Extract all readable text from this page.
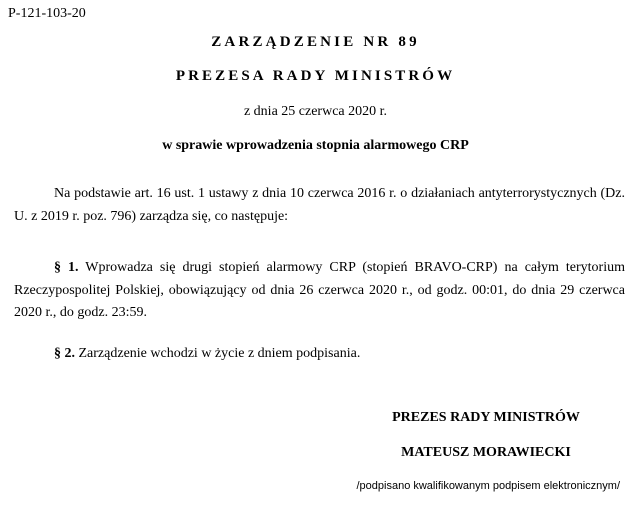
P-121-103-20
ZARZĄDZENIE NR 89
PREZESA RADY MINISTRÓW
z dnia 25 czerwca 2020 r.
w sprawie wprowadzenia stopnia alarmowego CRP
Na podstawie art. 16 ust. 1 ustawy z dnia 10 czerwca 2016 r. o działaniach antyterrorystycznych (Dz. U. z 2019 r. poz. 796) zarządza się, co następuje:
§ 1. Wprowadza się drugi stopień alarmowy CRP (stopień BRAVO-CRP) na całym terytorium Rzeczypospolitej Polskiej, obowiązujący od dnia 26 czerwca 2020 r., od godz. 00:01, do dnia 29 czerwca 2020 r., do godz. 23:59.
§ 2. Zarządzenie wchodzi w życie z dniem podpisania.
PREZES RADY MINISTRÓW
MATEUSZ MORAWIECKI
/podpisano kwalifikowanym podpisem elektronicznym/
